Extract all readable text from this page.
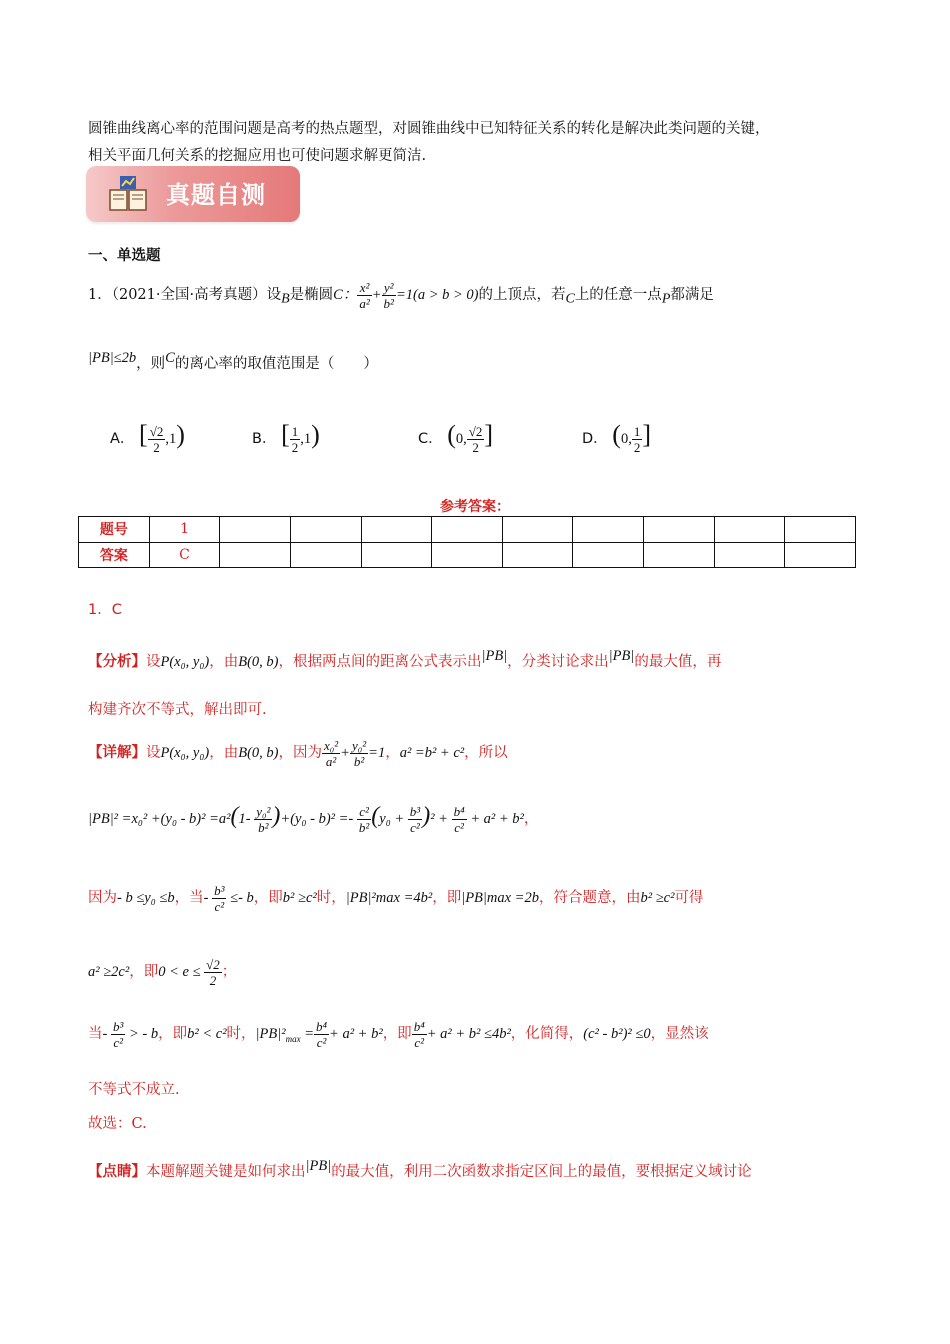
圆锥曲线离心率的范围问题是高考的热点题型，对圆锥曲线中已知特征关系的转化是解决此类问题的关键，
相关平面几何关系的挖掘应用也可使问题求解更简洁.
真题自测
一、单选题
1．（2021·全国·高考真题）设B是椭圆C： $\frac{\text{x²}}{\text{a²}} + \frac{\text{y²}}{\text{b²}} =1(a > b > 0)$的上顶点，若C上的任意一点P都满足
|PB|≤2b，则C的离心率的取值范围是（　　）
A． [ $\frac{√2}{2} ,1$)	B． [ $\frac{1}{2} ,1$)	C． (0, $\frac{√2}{2}$ ]	D． (0, $\frac{1}{2}$ ]
参考答案：
题号	1									
答案	C									
1．C
【分析】设P(x₀, y₀)，由B(0, b)，根据两点间的距离公式表示出|PB|，分类讨论求出|PB|的最大值，再
构建齐次不等式，解出即可.
【详解】设P(x₀, y₀)，由B(0, b)，因为 $\frac{\text{x₀²}}{\text{a²}} + \frac{\text{y₀²}}{\text{b²}} =1$，a² =b² + c²，所以
$|PB|^2 =x_0^2 +(y_0 - b)^2 =a^2(1- \frac{\text{y₀²}}{\text{b²}} )+(y_0 - b)^2 =- \frac{\text{c²}}{\text{b²}} (y_0 + \frac{\text{b³}}{\text{c²}} )^2 + \frac{\text{b⁴}}{\text{c²}} + a^2 + b^2$，
因为- b ≤y₀ ≤b，当- $\frac{\text{b³}}{\text{c²}} \le- b$，即b² ≥c²时，|PB|²max =4b²，即|PB|max =2b，符合题意，由b² ≥c²可得
a² ≥2c²，即$0 < e \le \frac{√2}{2}$ ；
当- $\frac{\text{b³}}{\text{c²}}$ > - b，即b² < c²时，$|PB|^2_{max} = \frac{\text{b⁴}}{\text{c²}} + a^2 + b^2$，即 $\frac{\text{b⁴}}{\text{c²}} + a^2 + b^2 \le 4b^2$，化简得，(c² - b²)² ≤0，显然该
不等式不成立.
故选：C.
【点睛】本题解题关键是如何求出|PB|的最大值，利用二次函数求指定区间上的最值，要根据定义域讨论
